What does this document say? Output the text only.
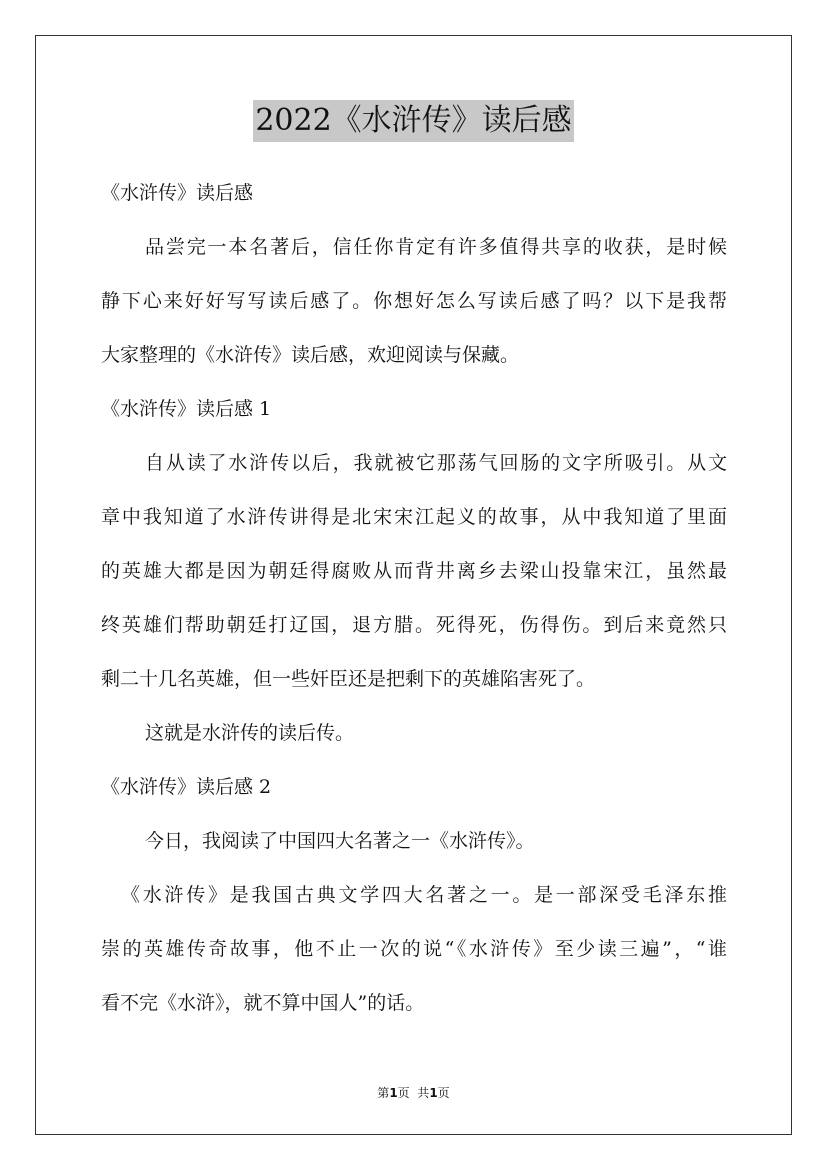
2022《水浒传》读后感
《水浒传》读后感
品尝完一本名著后，信任你肯定有许多值得共享的收获，是时候
静下心来好好写写读后感了。你想好怎么写读后感了吗？以下是我帮
大家整理的《水浒传》读后感，欢迎阅读与保藏。
《水浒传》读后感 1
自从读了水浒传以后，我就被它那荡气回肠的文字所吸引。从文
章中我知道了水浒传讲得是北宋宋江起义的故事，从中我知道了里面
的英雄大都是因为朝廷得腐败从而背井离乡去梁山投靠宋江，虽然最
终英雄们帮助朝廷打辽国，退方腊。死得死，伤得伤。到后来竟然只
剩二十几名英雄，但一些奸臣还是把剩下的英雄陷害死了。
这就是水浒传的读后传。
《水浒传》读后感 2
今日，我阅读了中国四大名著之一《水浒传》。
《水浒传》是我国古典文学四大名著之一。是一部深受毛泽东推
崇的英雄传奇故事，他不止一次的说“《水浒传》至少读三遍”，“谁
看不完《水浒》，就不算中国人”的话。
第1页  共1页
